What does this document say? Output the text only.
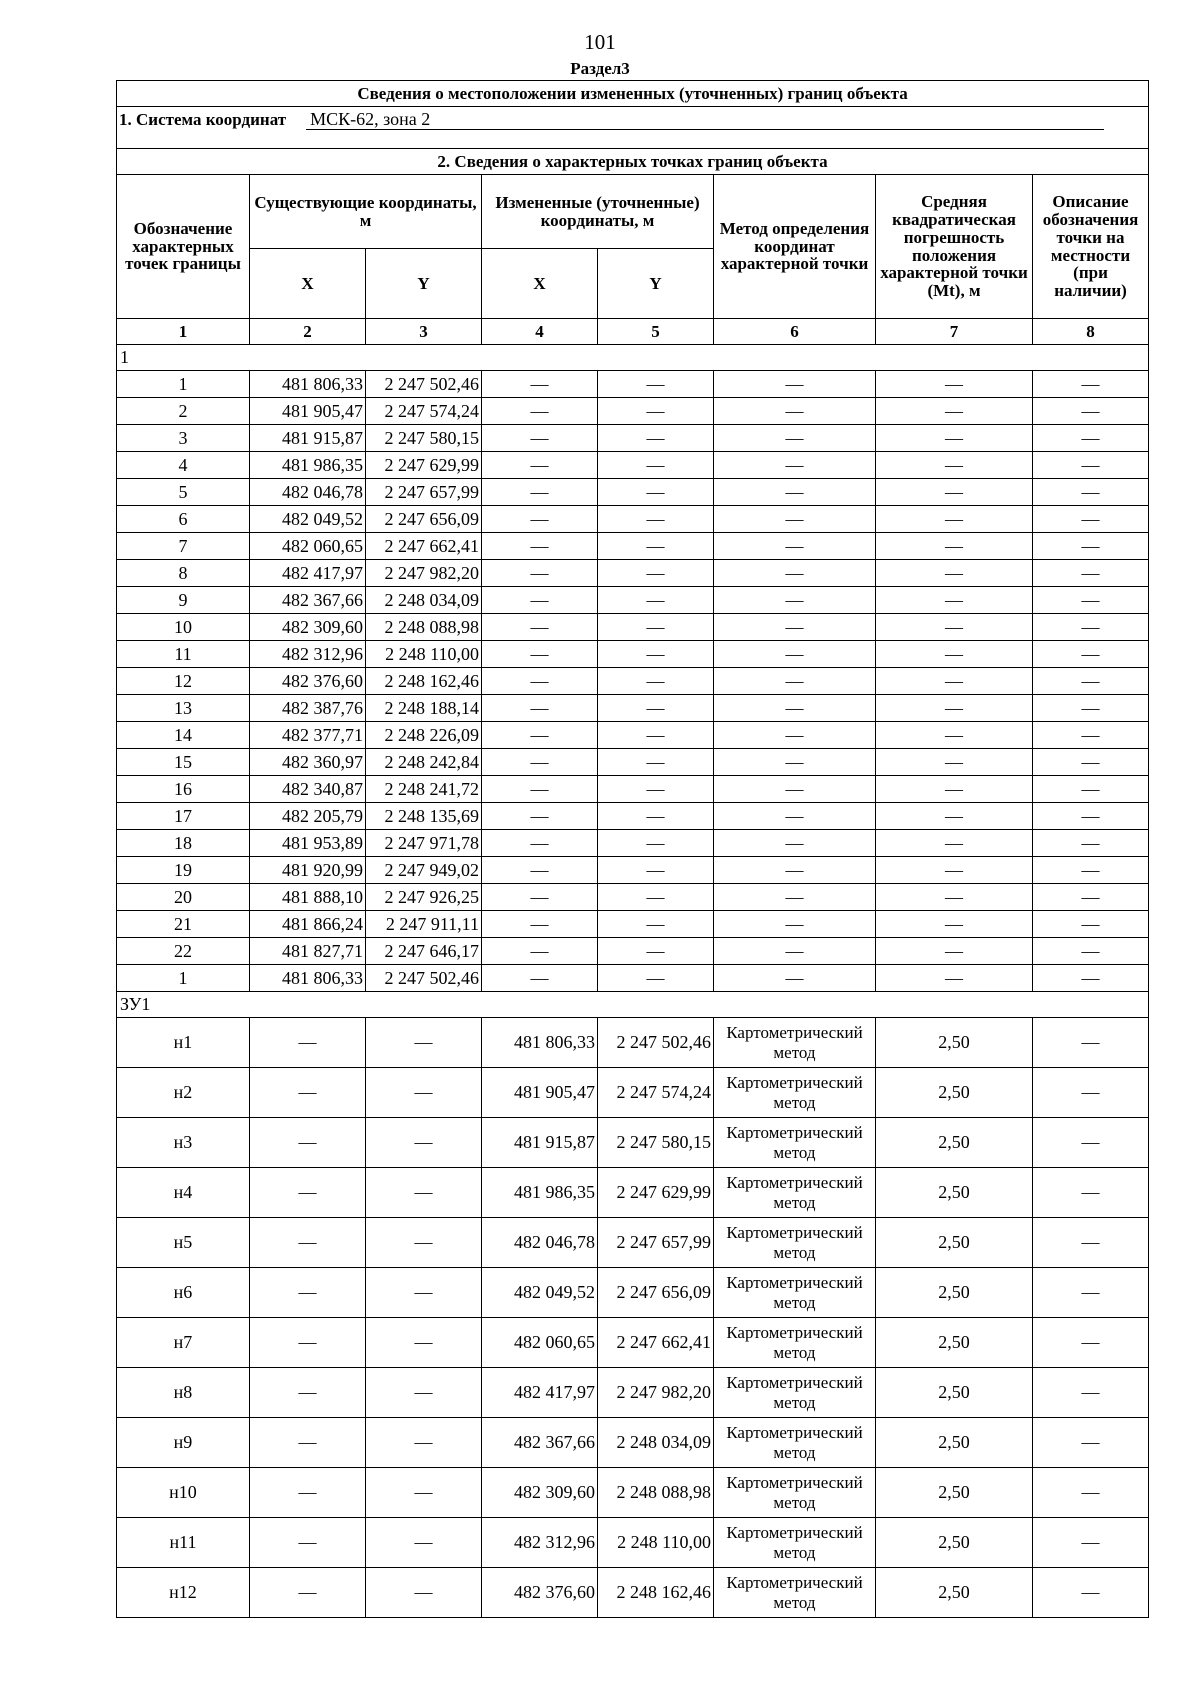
101
Раздел3
Сведения о местоположении измененных (уточненных) границ объекта							
1. Система координат МСК-62, зона 2							
2. Сведения о характерных точках границ объекта							
Обозначение характерных точек границы	Существующие координаты, м		Измененные (уточненные) координаты, м		Метод определения координат характерной точки	Средняя квадратическая погрешность положения характерной точки (Mt), м	Описание обозначения точки на местности (при наличии)
	X	Y	X	Y			
1	2	3	4	5	6	7	8
1							
1	481 806,33	2 247 502,46	—	—	—	—	—
2	481 905,47	2 247 574,24	—	—	—	—	—
3	481 915,87	2 247 580,15	—	—	—	—	—
4	481 986,35	2 247 629,99	—	—	—	—	—
5	482 046,78	2 247 657,99	—	—	—	—	—
6	482 049,52	2 247 656,09	—	—	—	—	—
7	482 060,65	2 247 662,41	—	—	—	—	—
8	482 417,97	2 247 982,20	—	—	—	—	—
9	482 367,66	2 248 034,09	—	—	—	—	—
10	482 309,60	2 248 088,98	—	—	—	—	—
11	482 312,96	2 248 110,00	—	—	—	—	—
12	482 376,60	2 248 162,46	—	—	—	—	—
13	482 387,76	2 248 188,14	—	—	—	—	—
14	482 377,71	2 248 226,09	—	—	—	—	—
15	482 360,97	2 248 242,84	—	—	—	—	—
16	482 340,87	2 248 241,72	—	—	—	—	—
17	482 205,79	2 248 135,69	—	—	—	—	—
18	481 953,89	2 247 971,78	—	—	—	—	—
19	481 920,99	2 247 949,02	—	—	—	—	—
20	481 888,10	2 247 926,25	—	—	—	—	—
21	481 866,24	2 247 911,11	—	—	—	—	—
22	481 827,71	2 247 646,17	—	—	—	—	—
1	481 806,33	2 247 502,46	—	—	—	—	—
ЗУ1							
н1	—	—	481 806,33	2 247 502,46	Картометрический метод	2,50	—
н2	—	—	481 905,47	2 247 574,24	Картометрический метод	2,50	—
н3	—	—	481 915,87	2 247 580,15	Картометрический метод	2,50	—
н4	—	—	481 986,35	2 247 629,99	Картометрический метод	2,50	—
н5	—	—	482 046,78	2 247 657,99	Картометрический метод	2,50	—
н6	—	—	482 049,52	2 247 656,09	Картометрический метод	2,50	—
н7	—	—	482 060,65	2 247 662,41	Картометрический метод	2,50	—
н8	—	—	482 417,97	2 247 982,20	Картометрический метод	2,50	—
н9	—	—	482 367,66	2 248 034,09	Картометрический метод	2,50	—
н10	—	—	482 309,60	2 248 088,98	Картометрический метод	2,50	—
н11	—	—	482 312,96	2 248 110,00	Картометрический метод	2,50	—
н12	—	—	482 376,60	2 248 162,46	Картометрический метод	2,50	—
